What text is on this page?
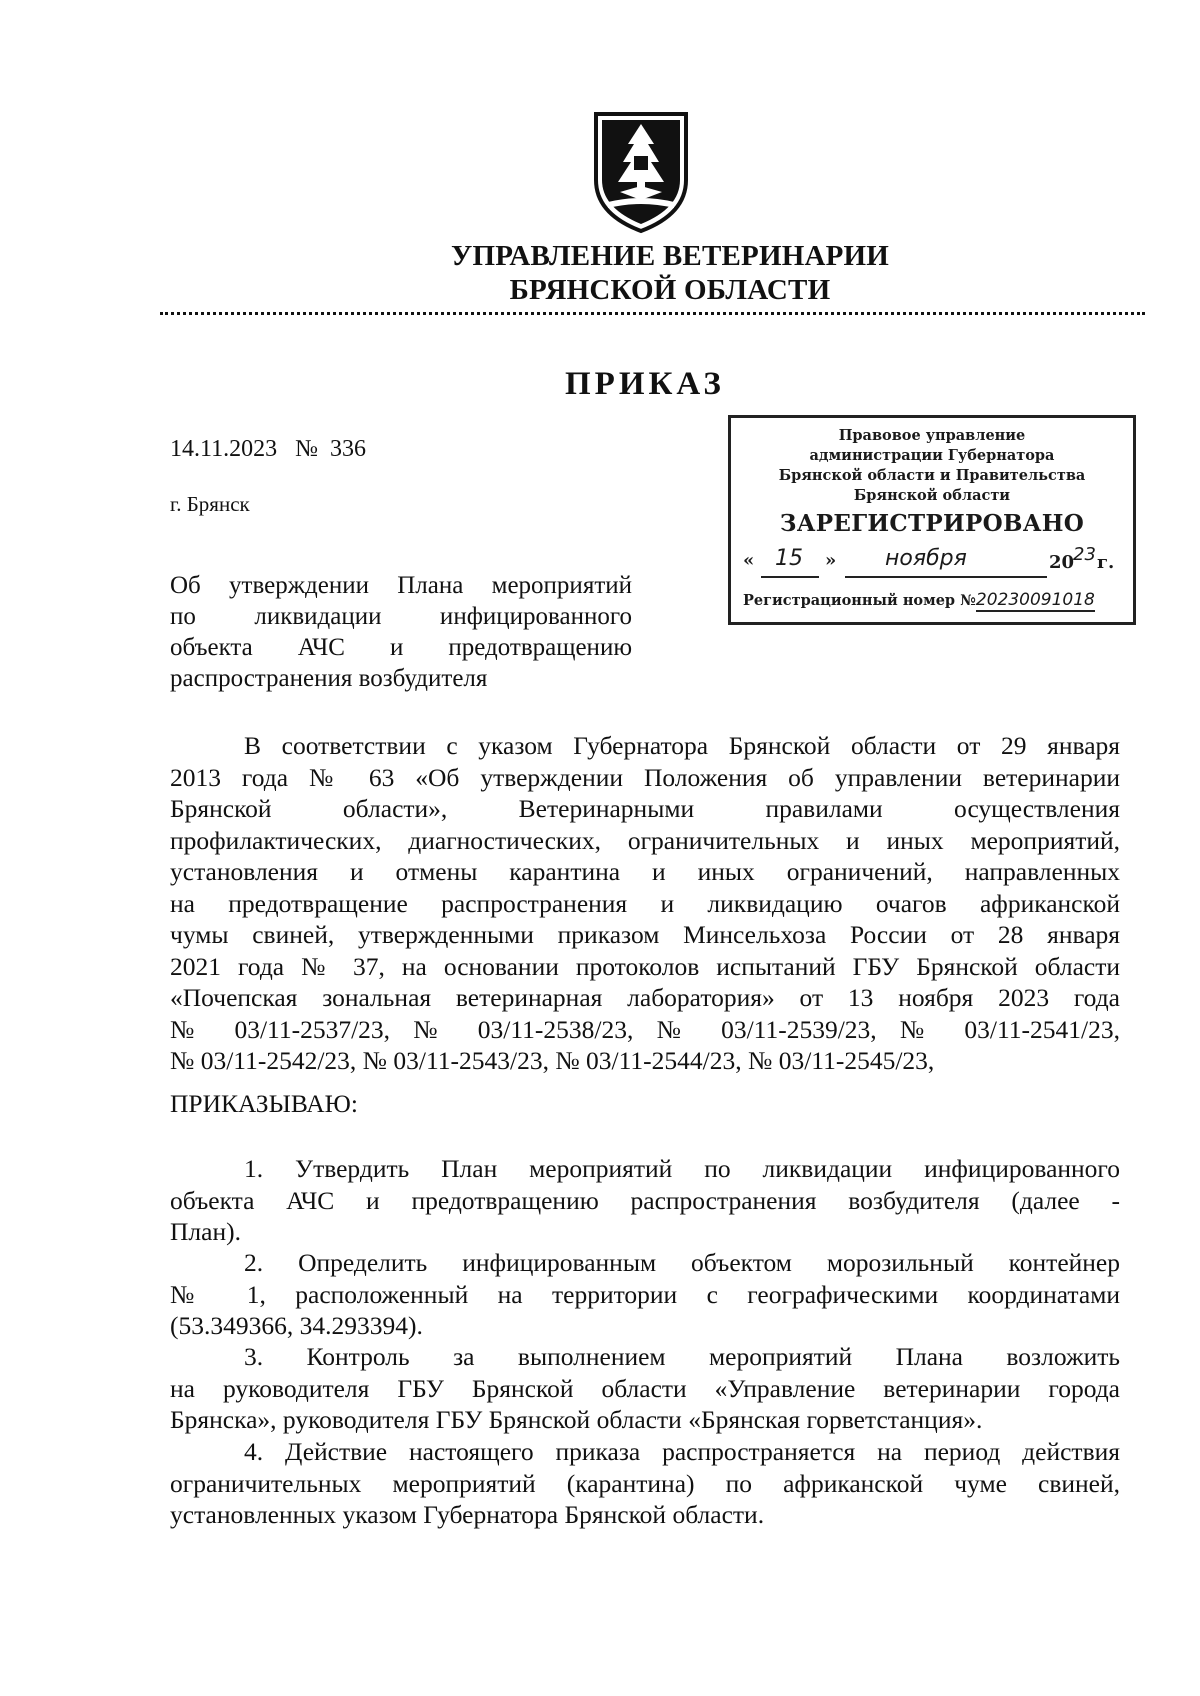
УПРАВЛЕНИЕ ВЕТЕРИНАРИИ
БРЯНСКОЙ ОБЛАСТИ
ПРИКАЗ
14.11.2023   №  336
г. Брянск
Об утверждении Плана мероприятий
по ликвидации инфицированного
объекта АЧС и предотвращению
распространения возбудителя
Правовое управление
администрации Губернатора
Брянской области и Правительства
Брянской области
ЗАРЕГИСТРИРОВАНО
« 15 » ноября	20
23 г.
Регистрационный номер №20230091018
В соответствии с указом Губернатора Брянской области от 29 января
2013 года № 63 «Об утверждении Положения об управлении ветеринарии
Брянской области», Ветеринарными правилами осуществления
профилактических, диагностических, ограничительных и иных мероприятий,
установления и отмены карантина и иных ограничений, направленных
на предотвращение распространения и ликвидацию очагов африканской
чумы свиней, утвержденными приказом Минсельхоза России от 28 января
2021 года № 37, на основании протоколов испытаний ГБУ Брянской области
«Почепская зональная ветеринарная лаборатория» от 13 ноября 2023 года
№ 03/11-2537/23, № 03/11-2538/23, № 03/11-2539/23, № 03/11-2541/23,
№ 03/11-2542/23, № 03/11-2543/23, № 03/11-2544/23, № 03/11-2545/23,
ПРИКАЗЫВАЮ:
1. Утвердить План мероприятий по ликвидации инфицированного
объекта АЧС и предотвращению распространения возбудителя (далее -
План).
2. Определить инфицированным объектом морозильный контейнер
№ 1, расположенный на территории с географическими координатами
(53.349366, 34.293394).
3. Контроль за выполнением мероприятий Плана возложить
на руководителя ГБУ Брянской области «Управление ветеринарии города
Брянска», руководителя ГБУ Брянской области «Брянская горветстанция».
4. Действие настоящего приказа распространяется на период действия
ограничительных мероприятий (карантина) по африканской чуме свиней,
установленных указом Губернатора Брянской области.
